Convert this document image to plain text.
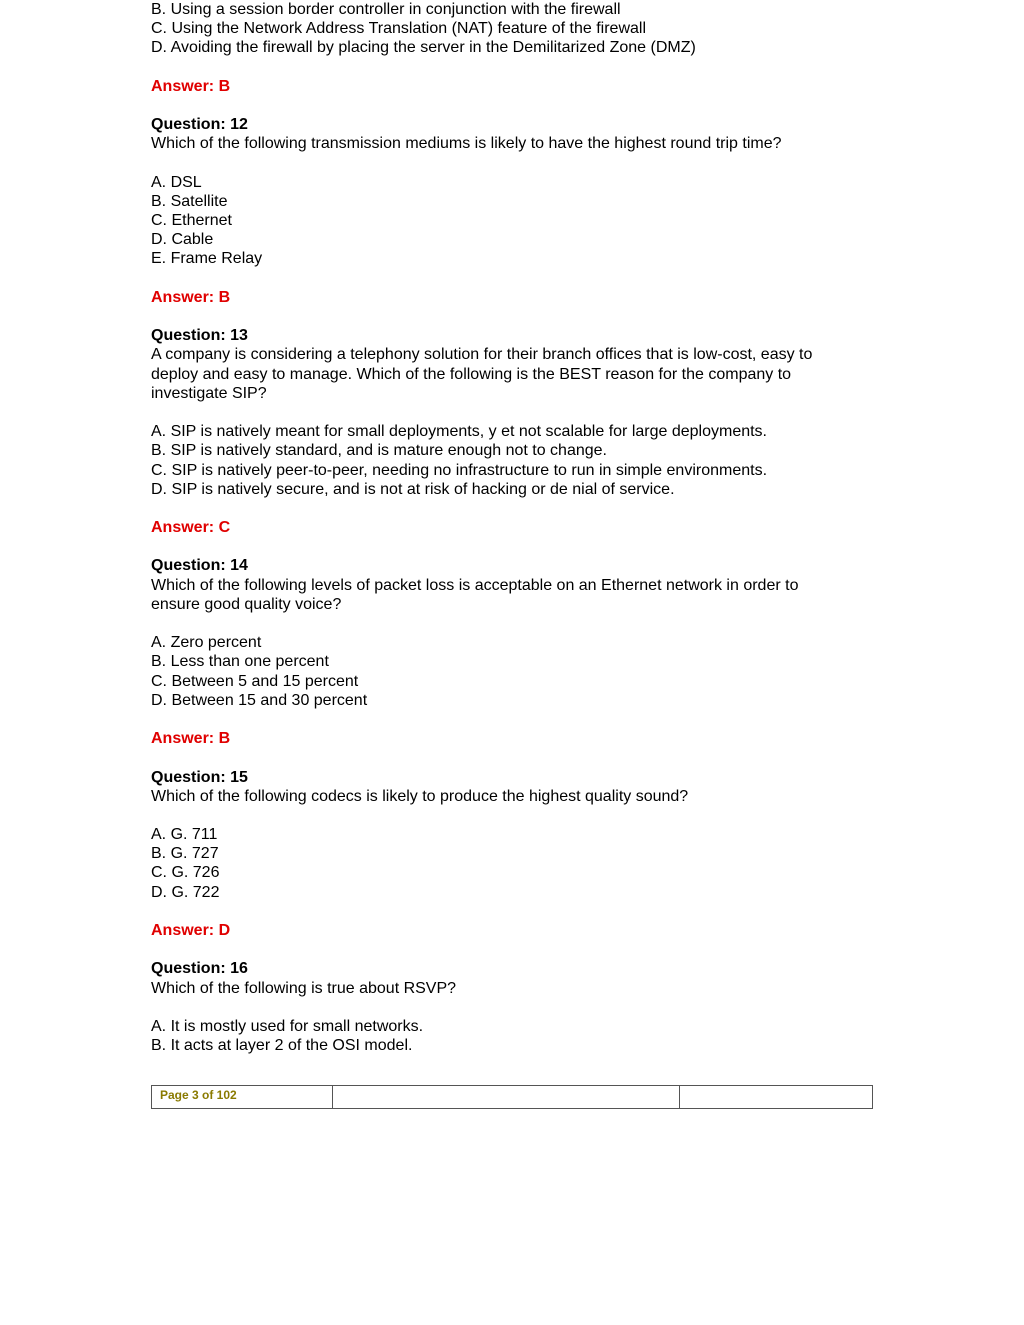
B. Using a session border controller in conjunction with the firewall
C. Using the Network Address Translation (NAT) feature of the firewall
D. Avoiding the firewall by placing the server in the Demilitarized Zone (DMZ)
Answer: B
Question: 12
Which of the following transmission mediums is likely to have the highest round trip time?
A. DSL
B. Satellite
C. Ethernet
D. Cable
E. Frame Relay
Answer: B
Question: 13
A company is considering a telephony solution for their branch offices that is low-cost, easy to
deploy and easy to manage. Which of the following is the BEST reason for the company to
investigate SIP?
A. SIP is natively meant for small deployments, y et not scalable for large deployments.
B. SIP is natively standard, and is mature enough not to change.
C. SIP is natively peer-to-peer, needing no infrastructure to run in simple environments.
D. SIP is natively secure, and is not at risk of hacking or de nial of service.
Answer: C
Question: 14
Which of the following levels of packet loss is acceptable on an Ethernet network in order to
ensure good quality voice?
A. Zero percent
B. Less than one percent
C. Between 5 and 15 percent
D. Between 15 and 30 percent
Answer: B
Question: 15
Which of the following codecs is likely to produce the highest quality sound?
A. G. 711
B. G. 727
C. G. 726
D. G. 722
Answer: D
Question: 16
Which of the following is true about RSVP?
A. It is mostly used for small networks.
B. It acts at layer 2 of the OSI model.
Page 3 of 102
